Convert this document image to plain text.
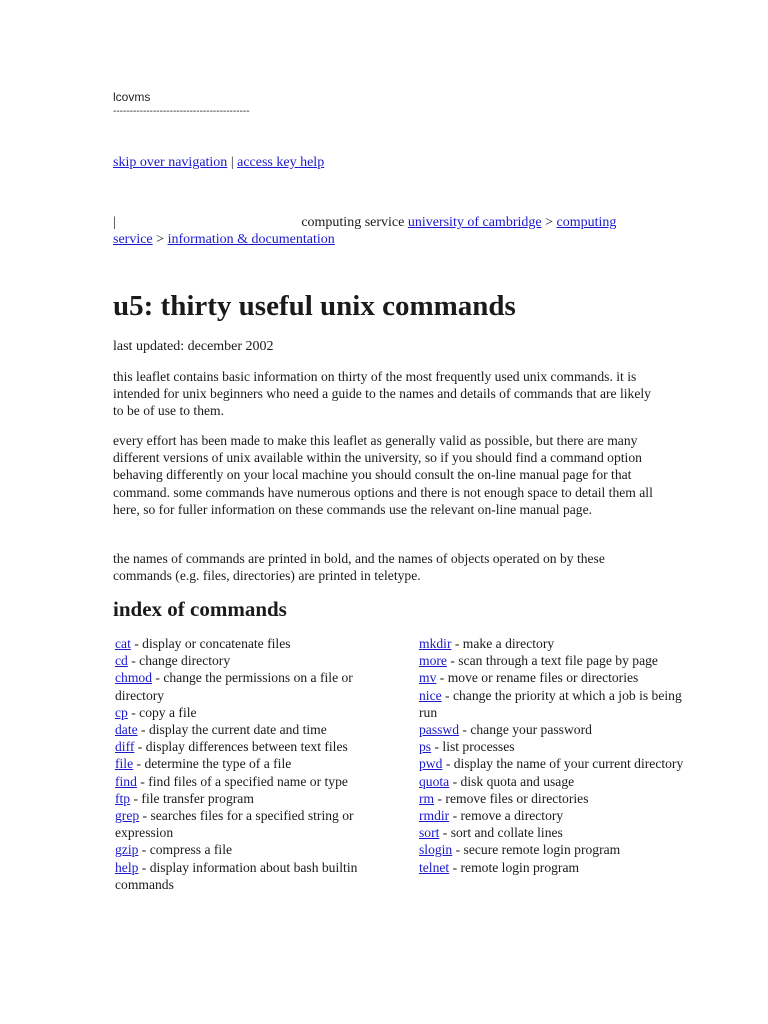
lcovms
-----------------------------------------
skip over navigation | access key help
|	computing service university of cambridge > computing service > information & documentation
u5: thirty useful unix commands
last updated: december 2002

this leaflet contains basic information on thirty of the most frequently used unix commands. it is intended for unix beginners who need a guide to the names and details of commands that are likely to be of use to them.

every effort has been made to make this leaflet as generally valid as possible, but there are many different versions of unix available within the university, so if you should find a command option behaving differently on your local machine you should consult the on-line manual page for that command. some commands have numerous options and there is not enough space to detail them all here, so for fuller information on these commands use the relevant on-line manual page.

the names of commands are printed in bold, and the names of objects operated on by these commands (e.g. files, directories) are printed in teletype.

index of commands
cat - display or concatenate files
cd - change directory
chmod - change the permissions on a file or directory
cp - copy a file
date - display the current date and time
diff - display differences between text files
file - determine the type of a file
find - find files of a specified name or type
ftp - file transfer program
grep - searches files for a specified string or expression
gzip - compress a file
help - display information about bash builtin commands
mkdir - make a directory
more - scan through a text file page by page
mv - move or rename files or directories
nice - change the priority at which a job is being run
passwd - change your password
ps - list processes
pwd - display the name of your current directory
quota - disk quota and usage
rm - remove files or directories
rmdir - remove a directory
sort - sort and collate lines
slogin - secure remote login program
telnet - remote login program
